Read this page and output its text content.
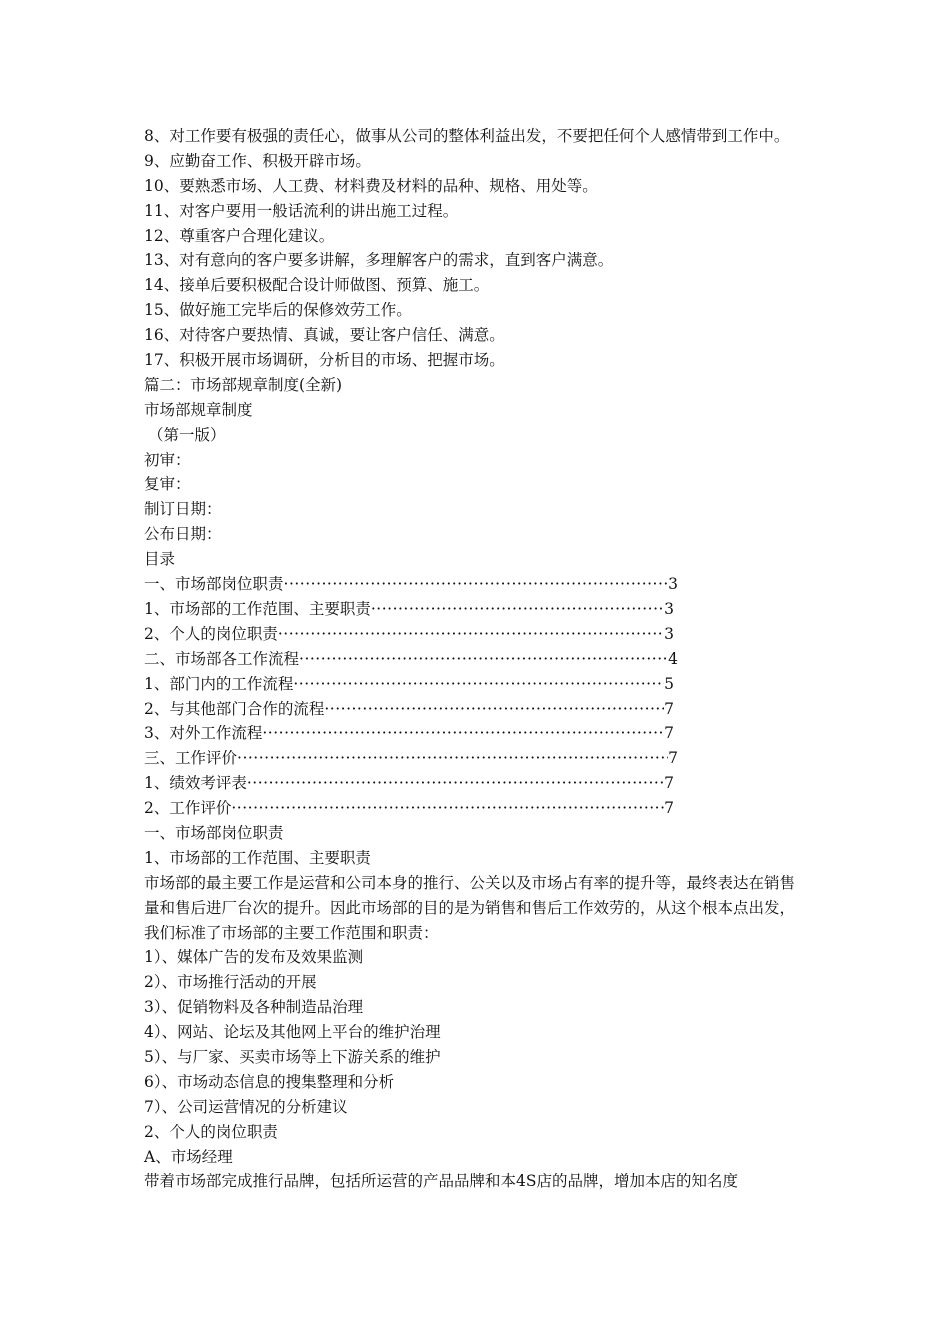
8、对工作要有极强的责任心，做事从公司的整体利益出发，不要把任何个人感情带到工作中。
9、应勤奋工作、积极开辟市场。
10、要熟悉市场、人工费、材料费及材料的品种、规格、用处等。
11、对客户要用一般话流利的讲出施工过程。
12、尊重客户合理化建议。
13、对有意向的客户要多讲解，多理解客户的需求，直到客户满意。
14、接单后要积极配合设计师做图、预算、施工。
15、做好施工完毕后的保修效劳工作。
16、对待客户要热情、真诚，要让客户信任、满意。
17、积极开展市场调研，分析目的市场、把握市场。
篇二：市场部规章制度(全新)
市场部规章制度
（第一版）
初审：
复审：
制订日期：
公布日期：
目录
一、市场部岗位职责 ·····	3
1、市场部的工作范围、主要职责 ·····	3
2、个人的岗位职责 ·····	3
二、市场部各工作流程 ·····	4
1、部门内的工作流程 ·····	5
2、与其他部门合作的流程 ·····	7
3、对外工作流程 ·····	7
三、工作评价 ·····	7
1、绩效考评表 ·····	7
2、工作评价 ·····	7
一、市场部岗位职责
1、市场部的工作范围、主要职责
市场部的最主要工作是运营和公司本身的推行、公关以及市场占有率的提升等，最终表达在销售量和售后进厂台次的提升。因此市场部的目的是为销售和售后工作效劳的，从这个根本点出发，我们标准了市场部的主要工作范围和职责：
1）、媒体广告的发布及效果监测
2）、市场推行活动的开展
3）、促销物料及各种制造品治理
4）、网站、论坛及其他网上平台的维护治理
5）、与厂家、买卖市场等上下游关系的维护
6）、市场动态信息的搜集整理和分析
7）、公司运营情况的分析建议
2、个人的岗位职责
A、市场经理
带着市场部完成推行品牌，包括所运营的产品品牌和本4S店的品牌，增加本店的知名度
